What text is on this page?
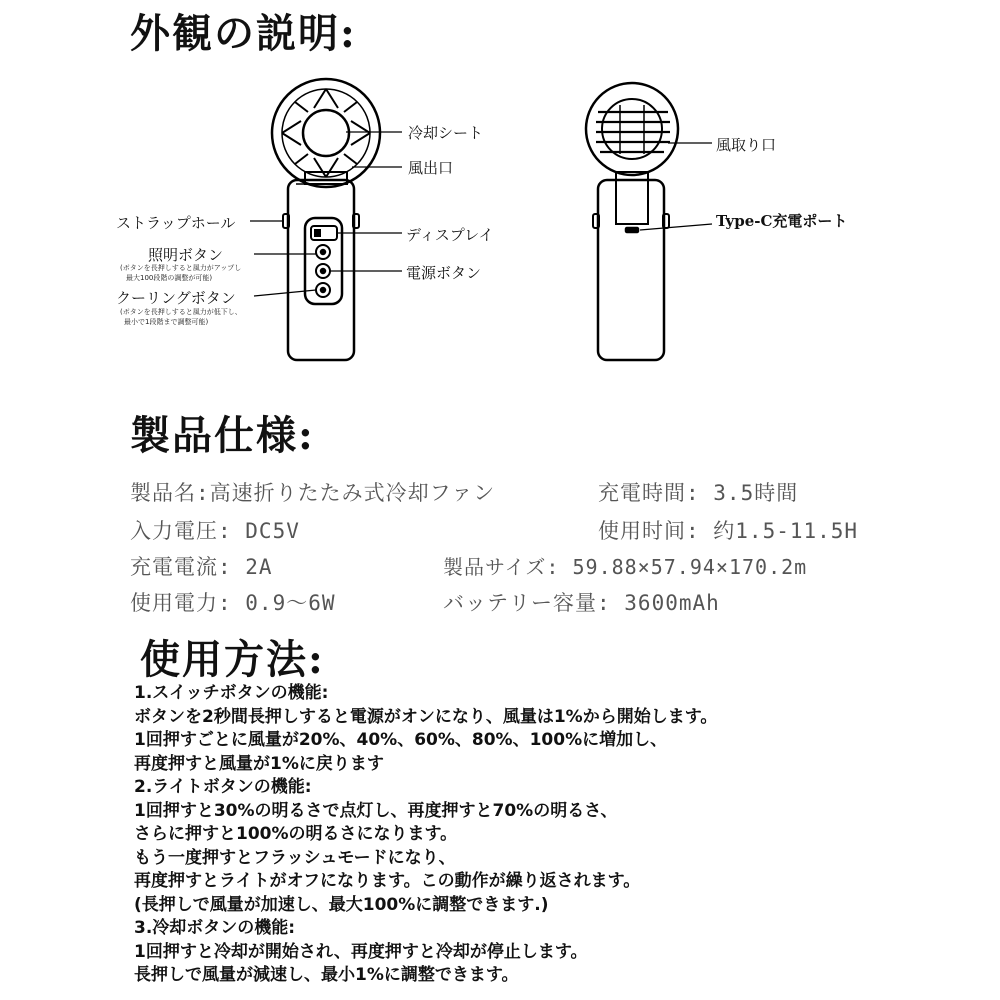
外観の説明:
冷却シート
風出口
ストラップホール
照明ボタン
(ボタンを長押しすると風力がアップし
最大100段階の調整が可能)
クーリングボタン
(ボタンを長押しすると風力が低下し、
最小で1段階まで調整可能)
ディスプレイ
電源ボタン
風取り口
Type-C充電ポート
製品仕様:
製品名:高速折りたたみ式冷却ファン	充電時間: 3.5時間
入力電圧: DC5V	使用时间: 约1.5-11.5H
充電電流: 2A	製品サイズ: 59.88×57.94×170.2m
使用電力: 0.9～6W	バッテリー容量: 3600mAh
使用方法:
1.スイッチボタンの機能:
ボタンを2秒間長押しすると電源がオンになり、風量は1%から開始します。
1回押すごとに風量が20%、40%、60%、80%、100%に増加し、
再度押すと風量が1%に戻ります
2.ライトボタンの機能:
1回押すと30%の明るさで点灯し、再度押すと70%の明るさ、
さらに押すと100%の明るさになります。
もう一度押すとフラッシュモードになり、
再度押すとライトがオフになります。この動作が繰り返されます。
(長押しで風量が加速し、最大100%に調整できます.)
3.冷却ボタンの機能:
1回押すと冷却が開始され、再度押すと冷却が停止します。
長押しで風量が減速し、最小1%に調整できます。
